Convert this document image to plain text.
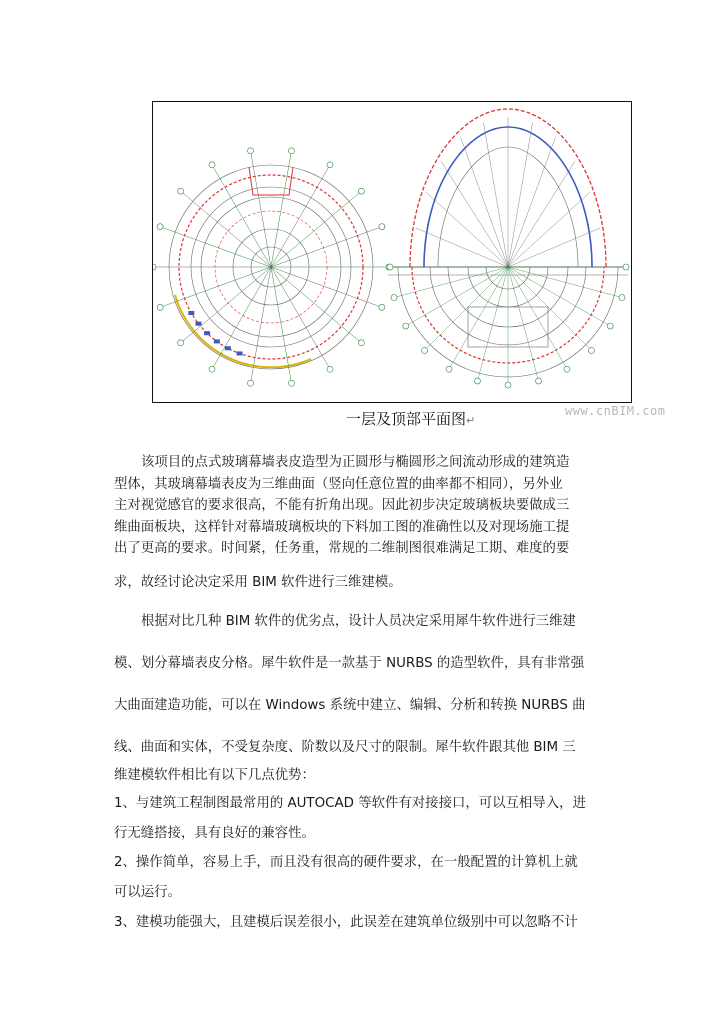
www.cnBIM.com
一层及顶部平面图↵
该项目的点式玻璃幕墙表皮造型为正圆形与椭圆形之间流动形成的建筑造
型体，其玻璃幕墙表皮为三维曲面（竖向任意位置的曲率都不相同），另外业
主对视觉感官的要求很高，不能有折角出现。因此初步决定玻璃板块要做成三
维曲面板块，这样针对幕墙玻璃板块的下料加工图的准确性以及对现场施工提
出了更高的要求。时间紧，任务重，常规的二维制图很难满足工期、难度的要
求，故经讨论决定采用 BIM 软件进行三维建模。
根据对比几种 BIM 软件的优劣点，设计人员决定采用犀牛软件进行三维建
模、划分幕墙表皮分格。犀牛软件是一款基于 NURBS 的造型软件，具有非常强
大曲面建造功能，可以在 Windows 系统中建立、编辑、分析和转换 NURBS 曲
线、曲面和实体，不受复杂度、阶数以及尺寸的限制。犀牛软件跟其他 BIM 三
维建模软件相比有以下几点优势：
1、与建筑工程制图最常用的 AUTOCAD 等软件有对接接口，可以互相导入，进
行无缝搭接，具有良好的兼容性。
2、操作简单，容易上手，而且没有很高的硬件要求，在一般配置的计算机上就
可以运行。
3、建模功能强大，且建模后误差很小，此误差在建筑单位级别中可以忽略不计
